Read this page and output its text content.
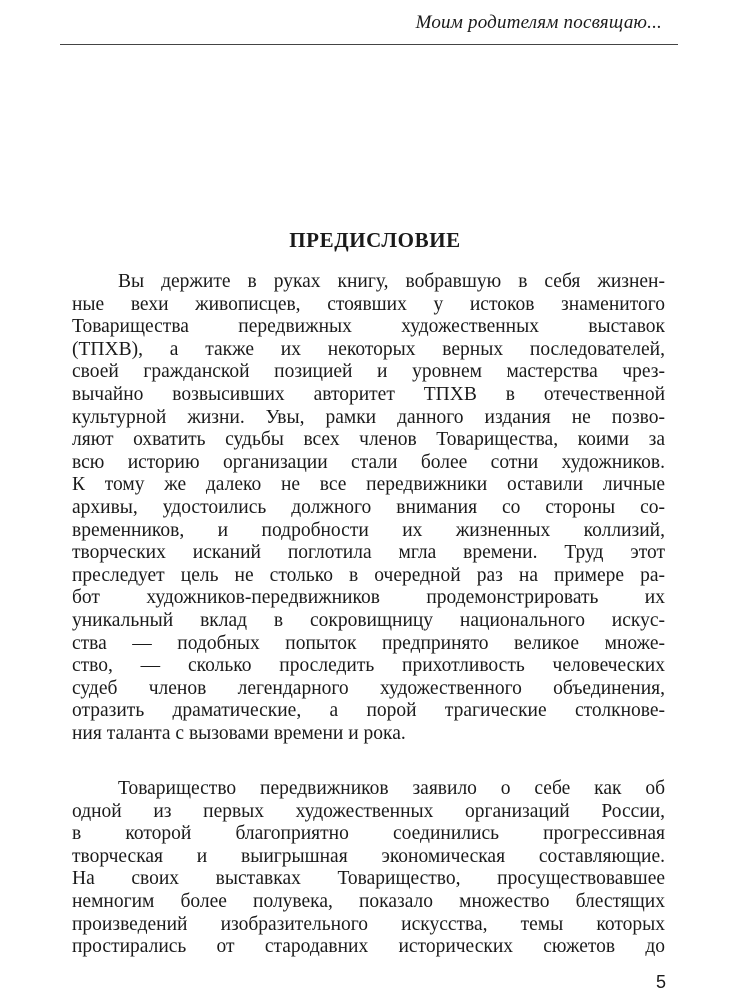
Моим родителям посвящаю...
ПРЕДИСЛОВИЕ
Вы держите в руках книгу, вобравшую в себя жизнен-
ные вехи живописцев, стоявших у истоков знаменитого
Товарищества передвижных художественных выставок
(ТПХВ), а также их некоторых верных последователей,
своей гражданской позицией и уровнем мастерства чрез-
вычайно возвысивших авторитет ТПХВ в отечественной
культурной жизни. Увы, рамки данного издания не позво-
ляют охватить судьбы всех членов Товарищества, коими за
всю историю организации стали более сотни художников.
К тому же далеко не все передвижники оставили личные
архивы, удостоились должного внимания со стороны со-
временников, и подробности их жизненных коллизий,
творческих исканий поглотила мгла времени. Труд этот
преследует цель не столько в очередной раз на примере ра-
бот художников-передвижников продемонстрировать их
уникальный вклад в сокровищницу национального искус-
ства — подобных попыток предпринято великое множе-
ство, — сколько проследить прихотливость человеческих
судеб членов легендарного художественного объединения,
отразить драматические, а порой трагические столкнове-
ния таланта с вызовами времени и рока.
Товарищество передвижников заявило о себе как об
одной из первых художественных организаций России,
в которой благоприятно соединились прогрессивная
творческая и выигрышная экономическая составляющие.
На своих выставках Товарищество, просуществовавшее
немногим более полувека, показало множество блестящих
произведений изобразительного искусства, темы которых
простирались от стародавних исторических сюжетов до
5
